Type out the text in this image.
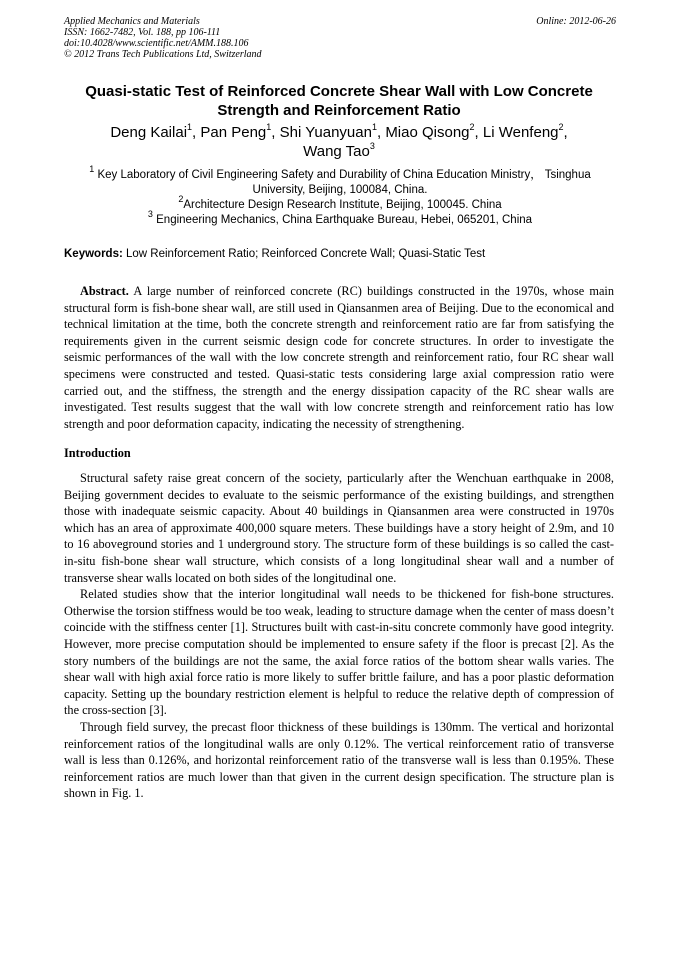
Applied Mechanics and Materials
ISSN: 1662-7482, Vol. 188, pp 106-111
doi:10.4028/www.scientific.net/AMM.188.106
© 2012 Trans Tech Publications Ltd, Switzerland
Online: 2012-06-26
Quasi-static Test of Reinforced Concrete Shear Wall with Low Concrete Strength and Reinforcement Ratio
Deng Kailai$^1$, Pan Peng$^1$, Shi Yuanyuan$^1$, Miao Qisong$^2$, Li Wenfeng$^2$,
Wang Tao$^3$
$^1$ Key Laboratory of Civil Engineering Safety and Durability of China Education Ministry， Tsinghua University, Beijing, 100084, China.
$^2$Architecture Design Research Institute, Beijing, 100045. China
$^3$ Engineering Mechanics, China Earthquake Bureau, Hebei, 065201, China
Keywords: Low Reinforcement Ratio; Reinforced Concrete Wall; Quasi-Static Test
Abstract. A large number of reinforced concrete (RC) buildings constructed in the 1970s, whose main structural form is fish-bone shear wall, are still used in Qiansanmen area of Beijing. Due to the economical and technical limitation at the time, both the concrete strength and reinforcement ratio are far from satisfying the requirements given in the current seismic design code for concrete structures. In order to investigate the seismic performances of the wall with the low concrete strength and reinforcement ratio, four RC shear wall specimens were constructed and tested. Quasi-static tests considering large axial compression ratio were carried out, and the stiffness, the strength and the energy dissipation capacity of the RC shear walls are investigated. Test results suggest that the wall with low concrete strength and reinforcement ratio has low strength and poor deformation capacity, indicating the necessity of strengthening.
Introduction

Structural safety raise great concern of the society, particularly after the Wenchuan earthquake in 2008, Beijing government decides to evaluate to the seismic performance of the existing buildings, and strengthen those with inadequate seismic capacity. About 40 buildings in Qiansanmen area were constructed in 1970s which has an area of approximate 400,000 square meters. These buildings have a story height of 2.9m, and 10 to 16 aboveground stories and 1 underground story. The structure form of these buildings is so called the cast-in-situ fish-bone shear wall structure, which consists of a long longitudinal shear wall and a number of transverse shear walls located on both sides of the longitudinal one.

Related studies show that the interior longitudinal wall needs to be thickened for fish-bone structures. Otherwise the torsion stiffness would be too weak, leading to structure damage when the center of mass doesn’t coincide with the stiffness center [1]. Structures built with cast-in-situ concrete commonly have good integrity. However, more precise computation should be implemented to ensure safety if the floor is precast [2]. As the story numbers of the buildings are not the same, the axial force ratios of the bottom shear walls varies. The shear wall with high axial force ratio is more likely to suffer brittle failure, and has a poor plastic deformation capacity. Setting up the boundary restriction element is helpful to reduce the relative depth of compression of the cross-section [3].

Through field survey, the precast floor thickness of these buildings is 130mm. The vertical and horizontal reinforcement ratios of the longitudinal walls are only 0.12%. The vertical reinforcement ratio of transverse wall is less than 0.126%, and horizontal reinforcement ratio of the transverse wall is less than 0.195%. These reinforcement ratios are much lower than that given in the current design specification. The structure plan is shown in Fig. 1.
